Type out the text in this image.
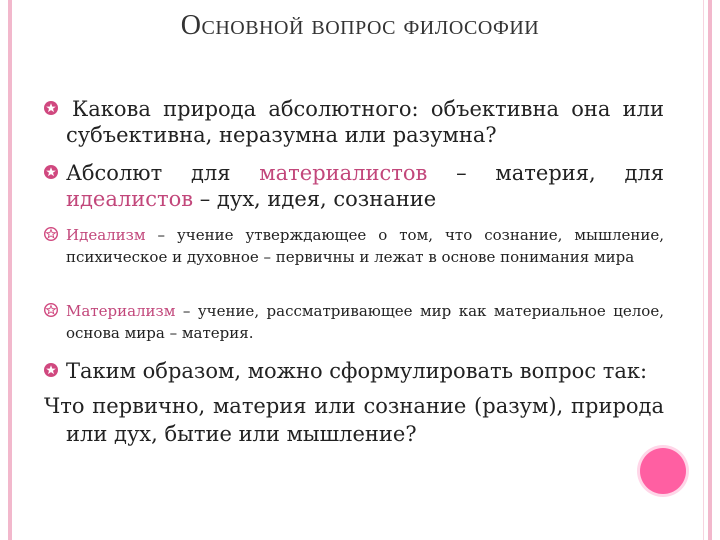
Основной вопрос философии
Какова природа абсолютного: объективна она или субъективна, неразумна или разумна?
Абсолют для материалистов – материя, для идеалистов – дух, идея, сознание
Идеализм – учение утверждающее о том, что сознание, мышление, психическое и духовное – первичны и лежат в основе понимания мира
Материализм – учение, рассматривающее мир как материальное целое, основа мира – материя.
Таким образом, можно сформулировать вопрос так:
Что первично, материя или сознание (разум), природа или дух, бытие или мышление?
